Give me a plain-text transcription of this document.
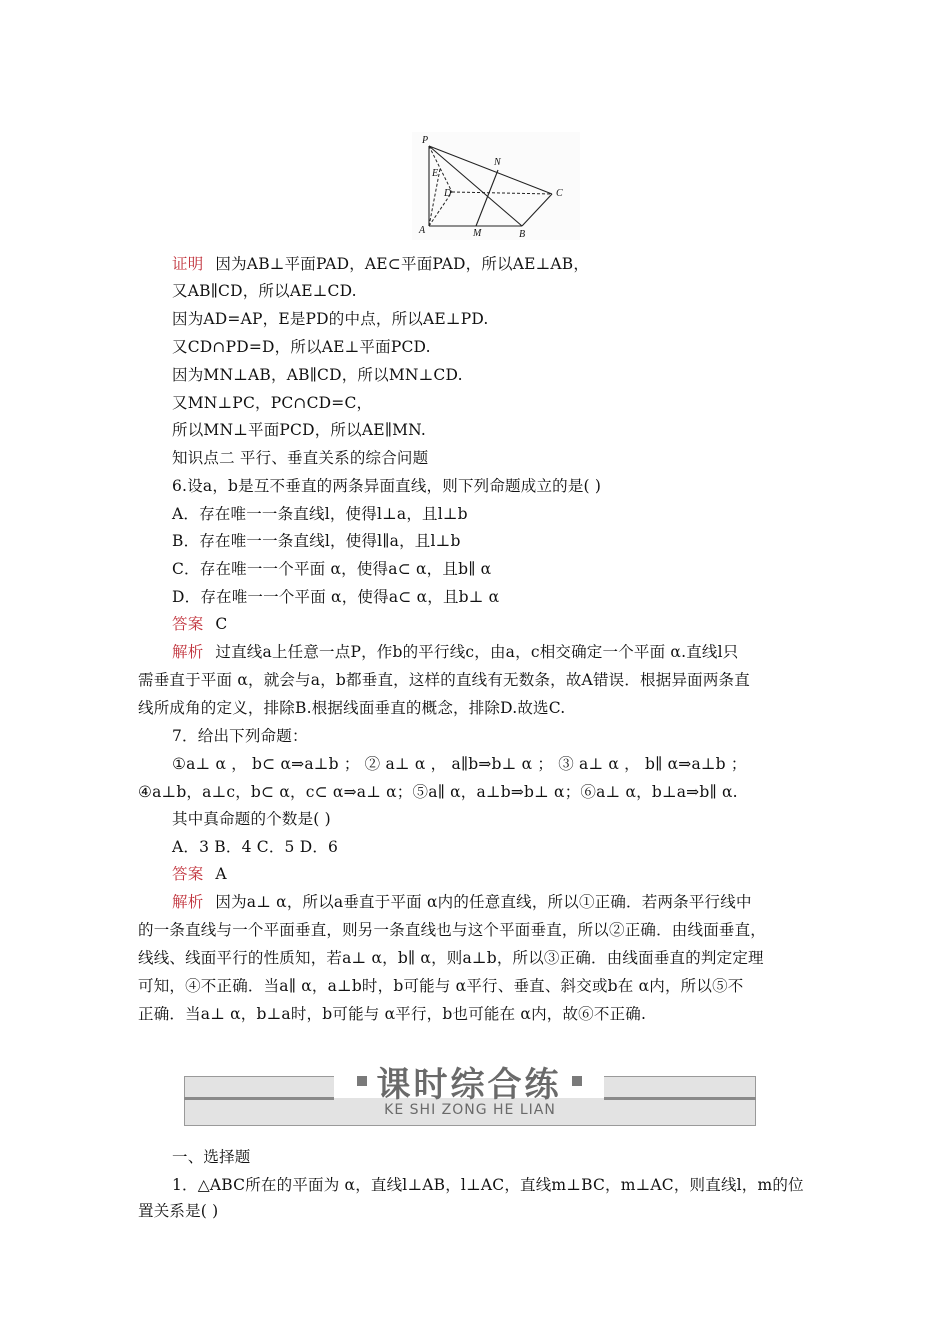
P
N
E
D	C
A	M	B
证明 因为AB⊥平面PAD，AE⊂平面PAD，所以AE⊥AB，
又AB∥CD，所以AE⊥CD.
因为AD=AP，E是PD的中点，所以AE⊥PD.
又CD∩PD=D，所以AE⊥平面PCD.
因为MN⊥AB，AB∥CD，所以MN⊥CD.
又MN⊥PC，PC∩CD=C，
所以MN⊥平面PCD，所以AE∥MN.
知识点二 平行、垂直关系的综合问题
6.设a，b是互不垂直的两条异面直线，则下列命题成立的是( )
A．存在唯一一条直线l，使得l⊥a，且l⊥b
B．存在唯一一条直线l，使得l∥a，且l⊥b
C．存在唯一一个平面 α，使得a⊂ α，且b∥ α
D．存在唯一一个平面 α，使得a⊂ α，且b⊥ α
答案 C
解析 过直线a上任意一点P，作b的平行线c，由a，c相交确定一个平面 α.直线l只
需垂直于平面 α，就会与a，b都垂直，这样的直线有无数条，故A错误．根据异面两条直
线所成角的定义，排除B.根据线面垂直的概念，排除D.故选C.
7．给出下列命题：
①a⊥ α ， b⊂ α⇒a⊥b ； ② a⊥ α ， a∥b⇒b⊥ α ； ③ a⊥ α ， b∥ α⇒a⊥b ；
④a⊥b，a⊥c，b⊂ α，c⊂ α⇒a⊥ α；⑤a∥ α，a⊥b⇒b⊥ α；⑥a⊥ α，b⊥a⇒b∥ α.
其中真命题的个数是( )
A．3 B．4 C．5 D．6
答案 A
解析 因为a⊥ α，所以a垂直于平面 α内的任意直线，所以①正确．若两条平行线中
的一条直线与一个平面垂直，则另一条直线也与这个平面垂直，所以②正确．由线面垂直，
线线、线面平行的性质知，若a⊥ α，b∥ α，则a⊥b，所以③正确．由线面垂直的判定定理
可知，④不正确．当a∥ α，a⊥b时，b可能与 α平行、垂直、斜交或b在 α内，所以⑤不
正确．当a⊥ α，b⊥a时，b可能与 α平行，b也可能在 α内，故⑥不正确.
课时综合练
KE SHI ZONG HE LIAN
一、选择题
1．△ABC所在的平面为 α，直线l⊥AB，l⊥AC，直线m⊥BC，m⊥AC，则直线l，m的位
置关系是( )
